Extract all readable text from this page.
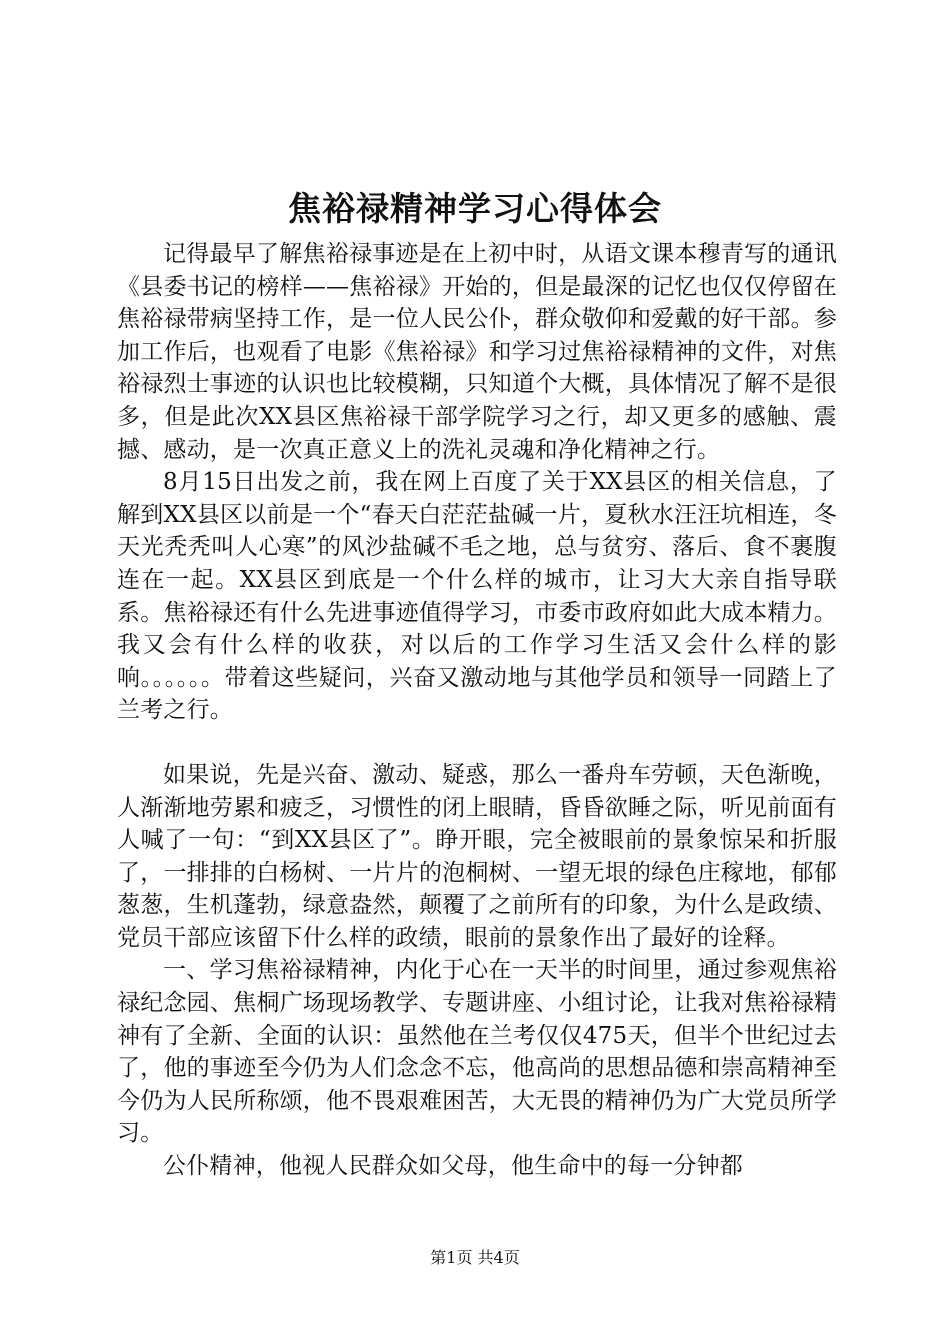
焦裕禄精神学习心得体会

记得最早了解焦裕禄事迹是在上初中时，从语文课本穆青写的通讯《县委书记的榜样——焦裕禄》开始的，但是最深的记忆也仅仅停留在焦裕禄带病坚持工作，是一位人民公仆，群众敬仰和爱戴的好干部。参加工作后，也观看了电影《焦裕禄》和学习过焦裕禄精神的文件，对焦裕禄烈士事迹的认识也比较模糊，只知道个大概，具体情况了解不是很多，但是此次XX县区焦裕禄干部学院学习之行，却又更多的感触、震撼、感动，是一次真正意义上的洗礼灵魂和净化精神之行。

8月15日出发之前，我在网上百度了关于XX县区的相关信息，了解到XX县区以前是一个“春天白茫茫盐碱一片，夏秋水汪汪坑相连，冬天光秃秃叫人心寒”的风沙盐碱不毛之地，总与贫穷、落后、食不裹腹连在一起。XX县区到底是一个什么样的城市，让习大大亲自指导联系。焦裕禄还有什么先进事迹值得学习，市委市政府如此大成本精力。我又会有什么样的收获，对以后的工作学习生活又会什么样的影响。。。。。。带着这些疑问，兴奋又激动地与其他学员和领导一同踏上了兰考之行。

如果说，先是兴奋、激动、疑惑，那么一番舟车劳顿，天色渐晚，人渐渐地劳累和疲乏，习惯性的闭上眼睛，昏昏欲睡之际，听见前面有人喊了一句：“到XX县区了”。睁开眼，完全被眼前的景象惊呆和折服了，一排排的白杨树、一片片的泡桐树、一望无垠的绿色庄稼地，郁郁葱葱，生机蓬勃，绿意盎然，颠覆了之前所有的印象，为什么是政绩、党员干部应该留下什么样的政绩，眼前的景象作出了最好的诠释。

一、学习焦裕禄精神，内化于心在一天半的时间里，通过参观焦裕禄纪念园、焦桐广场现场教学、专题讲座、小组讨论，让我对焦裕禄精神有了全新、全面的认识：虽然他在兰考仅仅475天，但半个世纪过去了，他的事迹至今仍为人们念念不忘，他高尚的思想品德和崇高精神至今仍为人民所称颂，他不畏艰难困苦，大无畏的精神仍为广大党员所学习。

公仆精神，他视人民群众如父母，他生命中的每一分钟都

第1页 共4页
